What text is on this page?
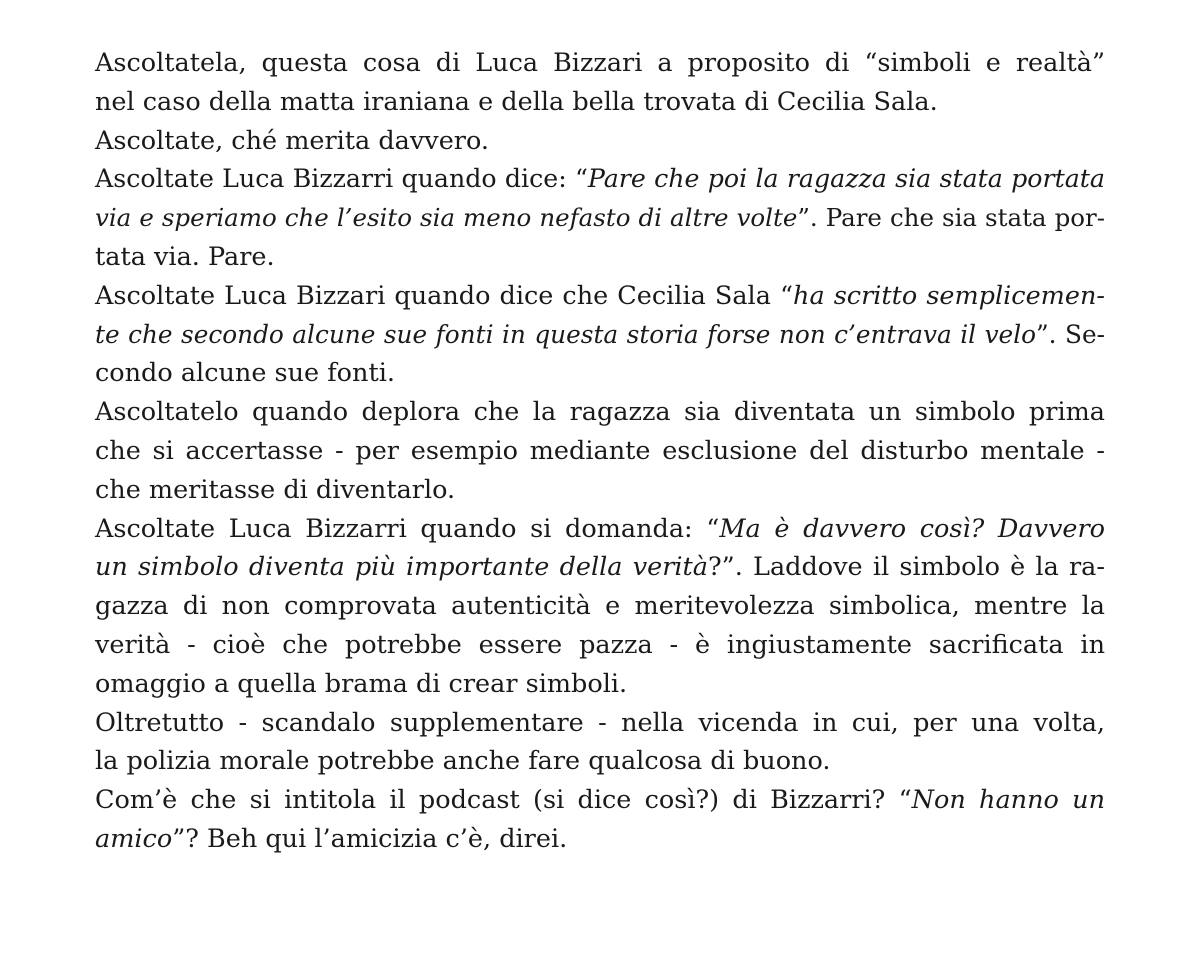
Ascoltatela, questa cosa di Luca Bizzari a proposito di “simboli e realtà”
nel caso della matta iraniana e della bella trovata di Cecilia Sala.
Ascoltate, ché merita davvero.
Ascoltate Luca Bizzarri quando dice: “Pare che poi la ragazza sia stata portata
via e speriamo che l’esito sia meno nefasto di altre volte”. Pare che sia stata por-
tata via. Pare.
Ascoltate Luca Bizzari quando dice che Cecilia Sala “ha scritto semplicemen-
te che secondo alcune sue fonti in questa storia forse non c’entrava il velo”. Se-
condo alcune sue fonti.
Ascoltatelo quando deplora che la ragazza sia diventata un simbolo prima
che si accertasse - per esempio mediante esclusione del disturbo mentale -
che meritasse di diventarlo.
Ascoltate Luca Bizzarri quando si domanda: “Ma è davvero così? Davvero
un simbolo diventa più importante della verità?”. Laddove il simbolo è la ra-
gazza di non comprovata autenticità e meritevolezza simbolica, mentre la
verità - cioè che potrebbe essere pazza - è ingiustamente sacrificata in
omaggio a quella brama di crear simboli.
Oltretutto - scandalo supplementare - nella vicenda in cui, per una volta,
la polizia morale potrebbe anche fare qualcosa di buono.
Com’è che si intitola il podcast (si dice così?) di Bizzarri? “Non hanno un
amico”? Beh qui l’amicizia c’è, direi.
